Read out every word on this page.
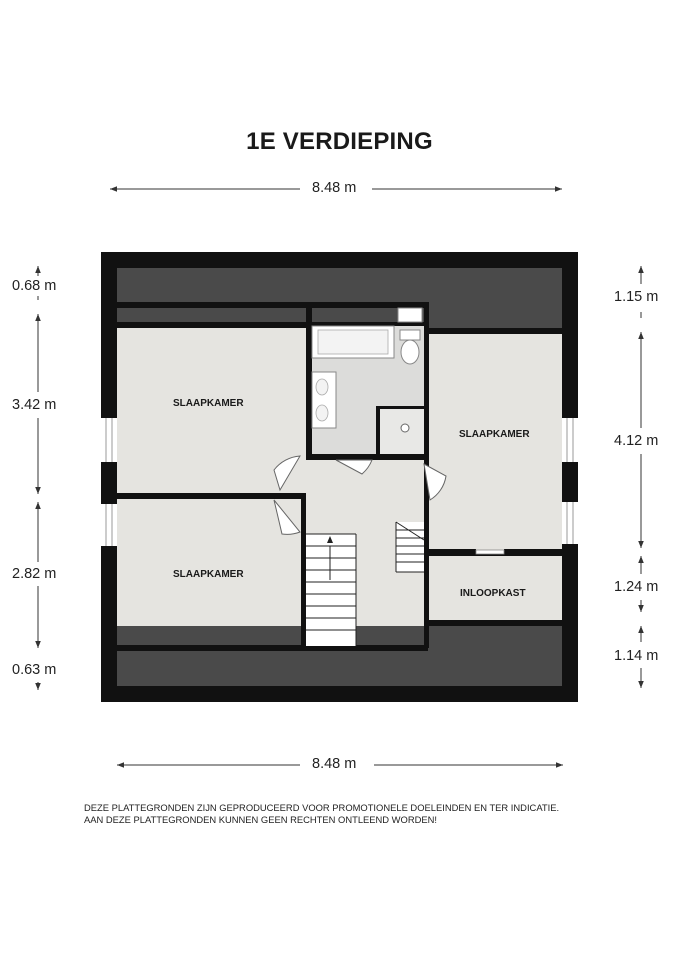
1E VERDIEPING
8.48 m
8.48 m
0.68 m
3.42 m
2.82 m
0.63 m
1.15 m
4.12 m
1.24 m
1.14 m
SLAAPKAMER
SLAAPKAMER
SLAAPKAMER
INLOOPKAST
DEZE PLATTEGRONDEN ZIJN GEPRODUCEERD VOOR PROMOTIONELE DOELEINDEN EN TER INDICATIE.
AAN DEZE PLATTEGRONDEN KUNNEN GEEN RECHTEN ONTLEEND WORDEN!
